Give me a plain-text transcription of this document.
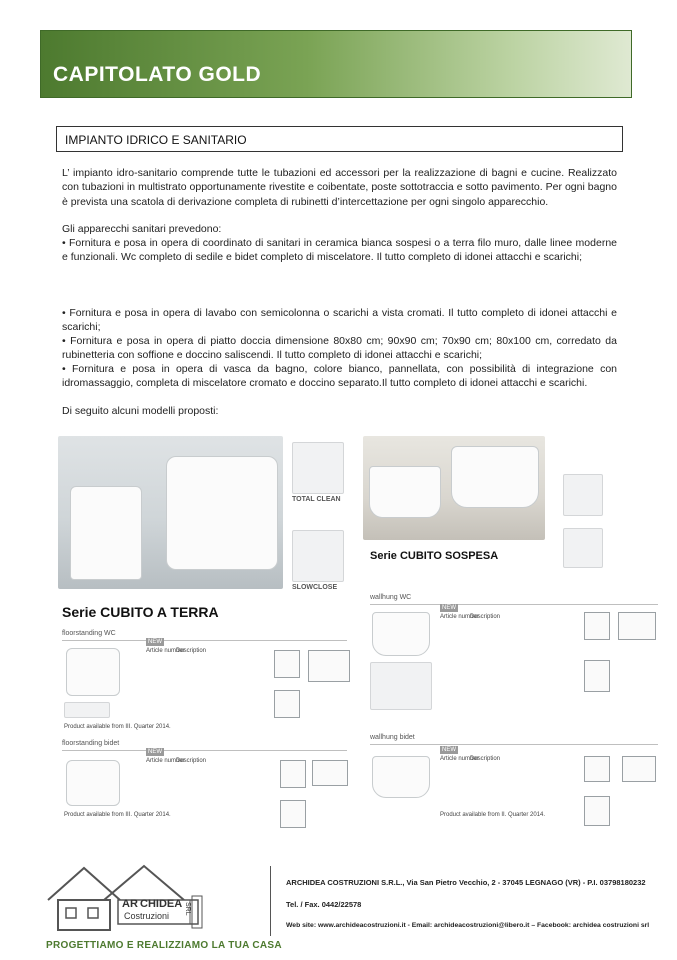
CAPITOLATO GOLD
IMPIANTO IDRICO E SANITARIO
L’ impianto idro-sanitario comprende tutte le tubazioni ed accessori per la realizzazione di bagni e cucine. Realizzato con tubazioni in multistrato opportunamente rivestite e coibentate, poste sottotraccia e sotto pavimento. Per ogni bagno è prevista una scatola di derivazione completa di rubinetti d’intercettazione per ogni singolo apparecchio.
Gli apparecchi sanitari prevedono:
• Fornitura e posa in opera di coordinato di sanitari in ceramica bianca sospesi o a terra filo muro, dalle linee moderne e funzionali. Wc completo di sedile e bidet completo di miscelatore. Il tutto completo di idonei attacchi e scarichi;
• Fornitura e posa in opera di lavabo con semicolonna o scarichi a vista cromati. Il tutto completo di idonei attacchi e scarichi;
• Fornitura e posa in opera di piatto doccia dimensione 80x80 cm; 90x90 cm; 70x90 cm; 80x100 cm, corredato da rubinetteria con soffione e doccino saliscendi. Il tutto completo di idonei attacchi e scarichi;
• Fornitura e posa in opera di vasca da bagno, colore bianco, pannellata, con possibilità di integrazione con idromassaggio, completa di miscelatore cromato e doccino separato.Il tutto completo di idonei attacchi e scarichi.
Di seguito alcuni modelli proposti:
TOTAL CLEAN
SLOWCLOSE
Serie CUBITO SOSPESA
Serie CUBITO A TERRA
floorstanding WC
NEW
Article number
Description
Product available from III. Quarter 2014.
floorstanding bidet
NEW
Article number
Description
Product available from III. Quarter 2014.
wallhung WC
NEW
Article number
Description
wallhung bidet
NEW
Article number
Description
Product available from II. Quarter 2014.
AR CHIDEA
Costruzioni
SRL
ARCHIDEA COSTRUZIONI S.R.L., Via San Pietro Vecchio, 2 - 37045 LEGNAGO (VR) - P.I. 03798180232
Tel. / Fax. 0442/22578
Web site: www.archideacostruzioni.it - Email: archideacostruzioni@libero.it – Facebook: archidea costruzioni srl
PROGETTIAMO E REALIZZIAMO LA TUA CASA
